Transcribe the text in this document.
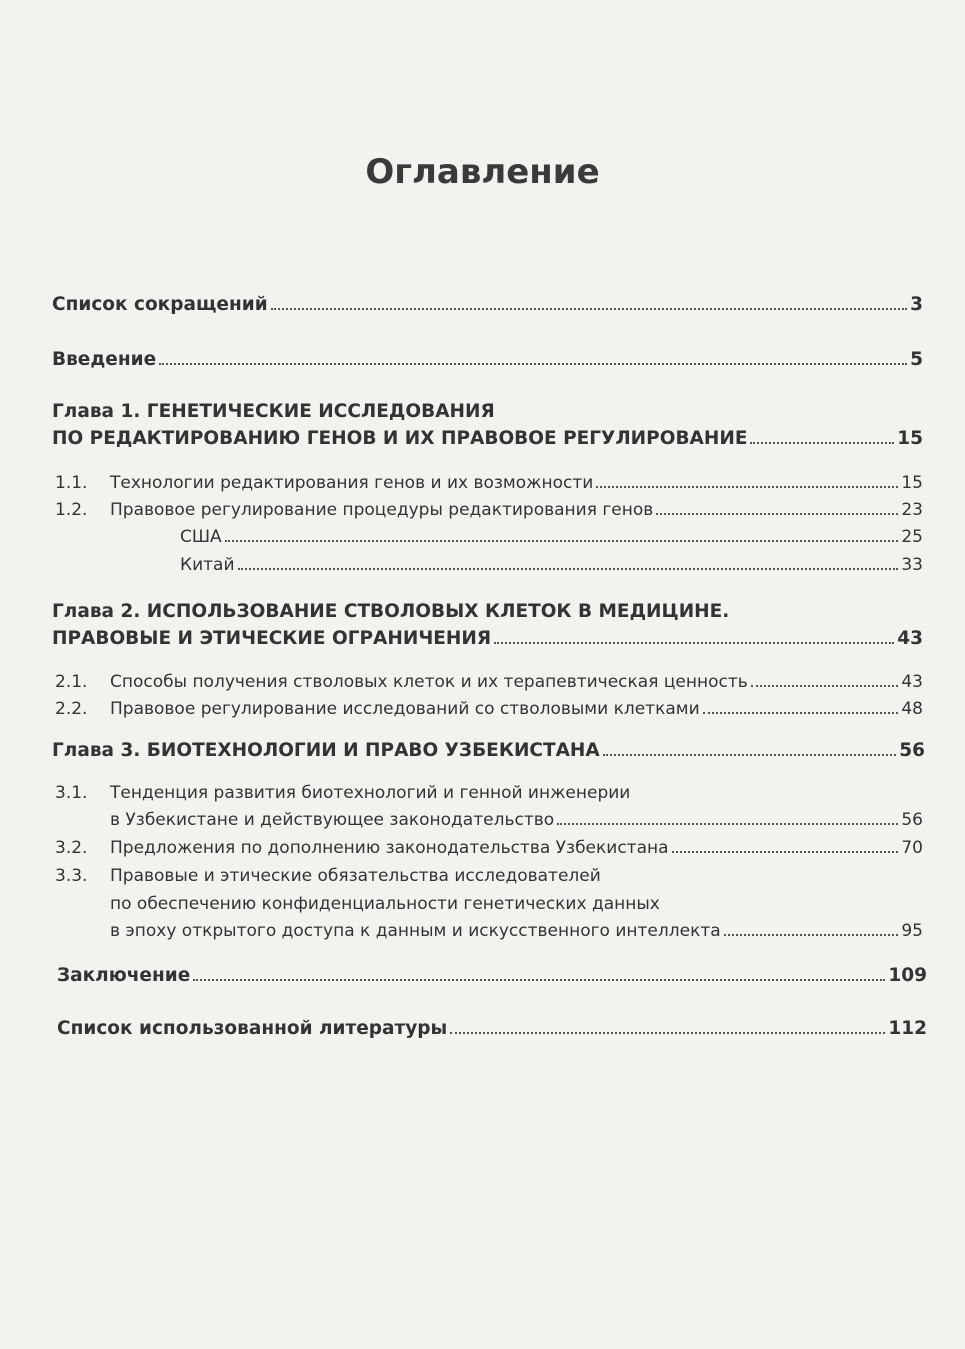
Оглавление
Список сокращений	3
Введение	5
Глава 1. ГЕНЕТИЧЕСКИЕ ИССЛЕДОВАНИЯ
ПО РЕДАКТИРОВАНИЮ ГЕНОВ И ИХ ПРАВОВОЕ РЕГУЛИРОВАНИЕ	15
1.1. Технологии редактирования генов и их возможности	15
1.2. Правовое регулирование процедуры редактирования генов	23
США	25
Китай	33
Глава 2. ИСПОЛЬЗОВАНИЕ СТВОЛОВЫХ КЛЕТОК В МЕДИЦИНЕ.
ПРАВОВЫЕ И ЭТИЧЕСКИЕ ОГРАНИЧЕНИЯ	43
2.1. Способы получения стволовых клеток и их терапевтическая ценность	43
2.2. Правовое регулирование исследований со стволовыми клетками	48
Глава 3. БИОТЕХНОЛОГИИ И ПРАВО УЗБЕКИСТАНА	56
3.1. Тенденция развития биотехнологий и генной инженерии
в Узбекистане и действующее законодательство	56
3.2. Предложения по дополнению законодательства Узбекистана	70
3.3. Правовые и этические обязательства исследователей
по обеспечению конфиденциальности генетических данных
в эпоху открытого доступа к данным и искусственного интеллекта	95
Заключение	109
Список использованной литературы	112
